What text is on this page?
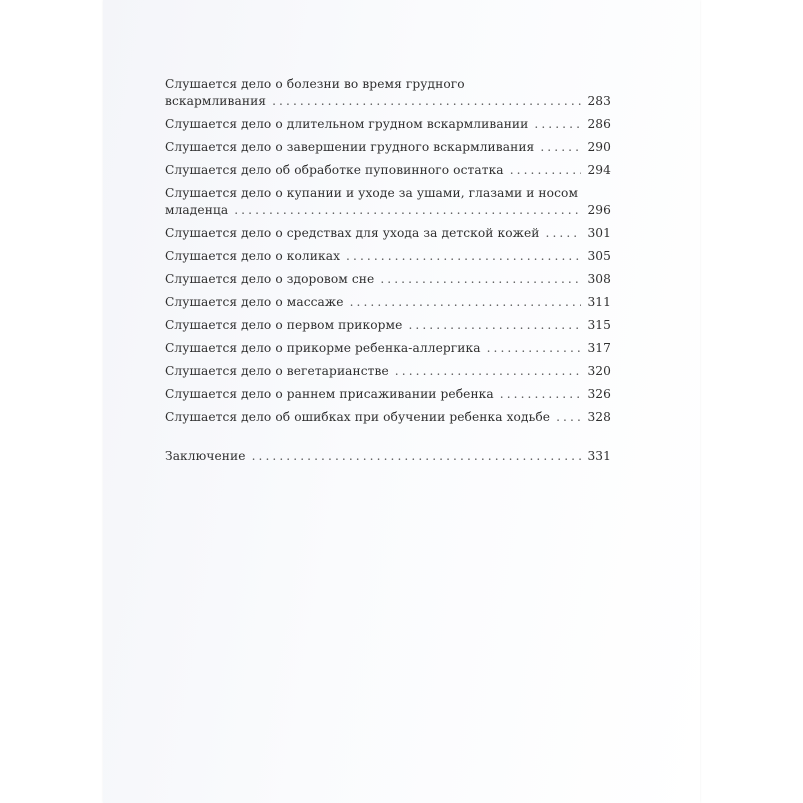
Слушается дело о болезни во время грудного
вскармливания . . .	283
Слушается дело о длительном грудном вскармливании . . .	286
Слушается дело о завершении грудного вскармливания . . .	290
Слушается дело об обработке пуповинного остатка . . .	294
Слушается дело о купании и уходе за ушами, глазами и носом
младенца . . .	296
Слушается дело о средствах для ухода за детской кожей . . .	301
Слушается дело о коликах . . .	305
Слушается дело о здоровом сне . . .	308
Слушается дело о массаже . . .	311
Слушается дело о первом прикорме . . .	315
Слушается дело о прикорме ребенка-аллергика . . .	317
Слушается дело о вегетарианстве . . .	320
Слушается дело о раннем присаживании ребенка . . .	326
Слушается дело об ошибках при обучении ребенка ходьбе . . .	328
Заключение . . .	331
